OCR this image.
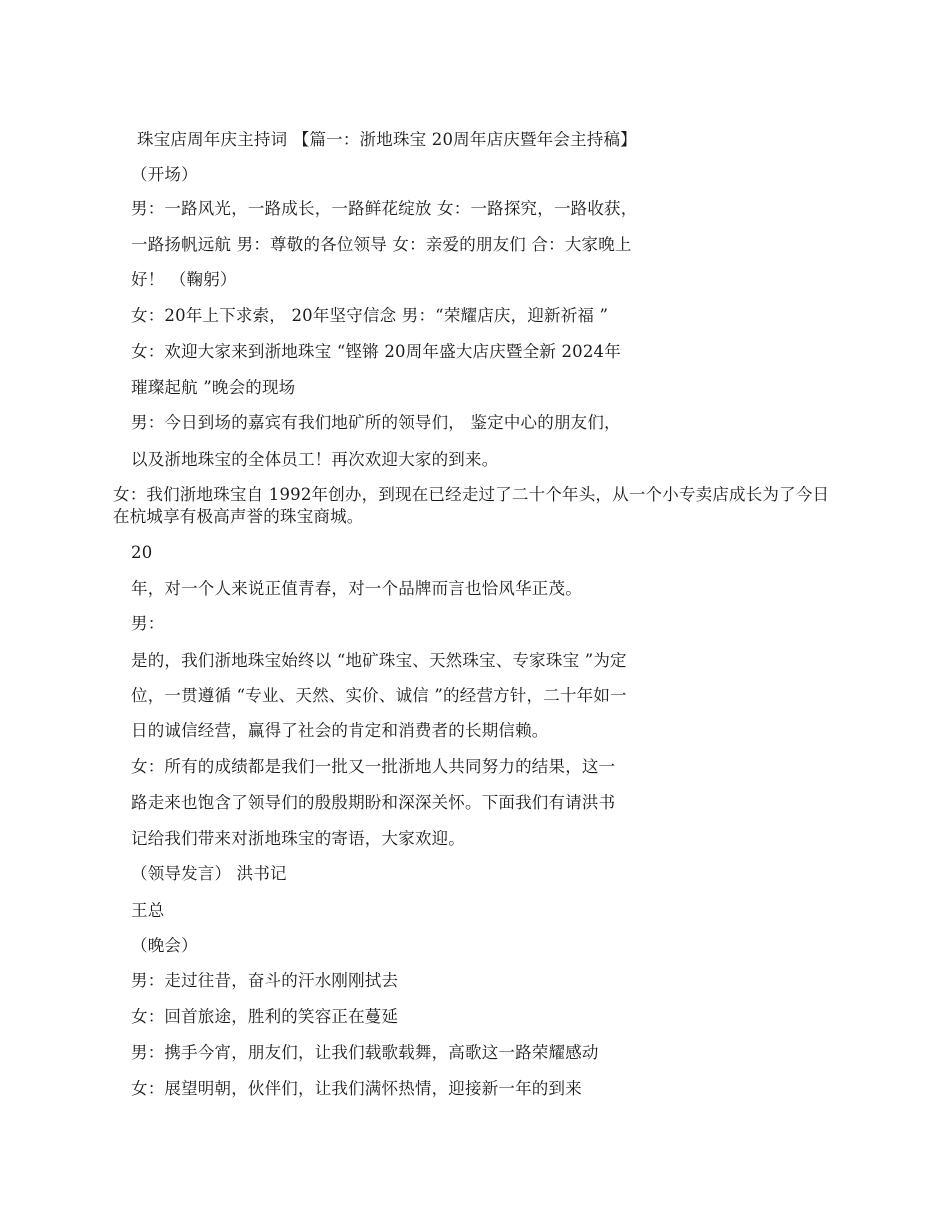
珠宝店周年庆主持词 【篇一：浙地珠宝 20周年店庆暨年会主持稿】
（开场）
男：一路风光，一路成长，一路鲜花绽放 女：一路探究，一路收获，
一路扬帆远航 男：尊敬的各位领导 女：亲爱的朋友们 合：大家晚上
好！ （鞠躬）
女：20年上下求索， 20年坚守信念 男：“荣耀店庆，迎新祈福 ”
女：欢迎大家来到浙地珠宝 “铿锵 20周年盛大店庆暨全新 2024年
璀璨起航 ”晚会的现场
男：今日到场的嘉宾有我们地矿所的领导们， 鉴定中心的朋友们，
以及浙地珠宝的全体员工！再次欢迎大家的到来。
女：我们浙地珠宝自 1992年创办，到现在已经走过了二十个年头，从一个小专卖店成长为了今日在杭城享有极高声誉的珠宝商城。
20
年，对一个人来说正值青春，对一个品牌而言也恰风华正茂。
男：
是的，我们浙地珠宝始终以 “地矿珠宝、天然珠宝、专家珠宝 ”为定
位，一贯遵循 “专业、天然、实价、诚信 ”的经营方针，二十年如一
日的诚信经营，赢得了社会的肯定和消费者的长期信赖。
女：所有的成绩都是我们一批又一批浙地人共同努力的结果，这一
路走来也饱含了领导们的殷殷期盼和深深关怀。下面我们有请洪书
记给我们带来对浙地珠宝的寄语，大家欢迎。
（领导发言） 洪书记
王总
（晚会）
男：走过往昔，奋斗的汗水刚刚拭去
女：回首旅途，胜利的笑容正在蔓延
男：携手今宵，朋友们，让我们载歌载舞，高歌这一路荣耀感动
女：展望明朝，伙伴们，让我们满怀热情，迎接新一年的到来
